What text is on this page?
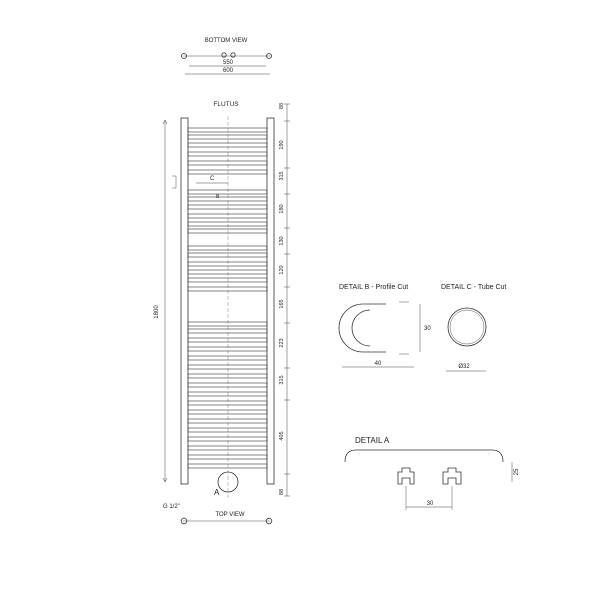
BOTTOM VIEW
550
600
FLUTUS
A
C
B
1800
88
190
315
180
130
120
165
223
315
405
88
G 1/2"
TOP VIEW
DETAIL B - Profile Cut
40
30
DETAIL C - Tube Cut
Ø32
DETAIL A
30
25
